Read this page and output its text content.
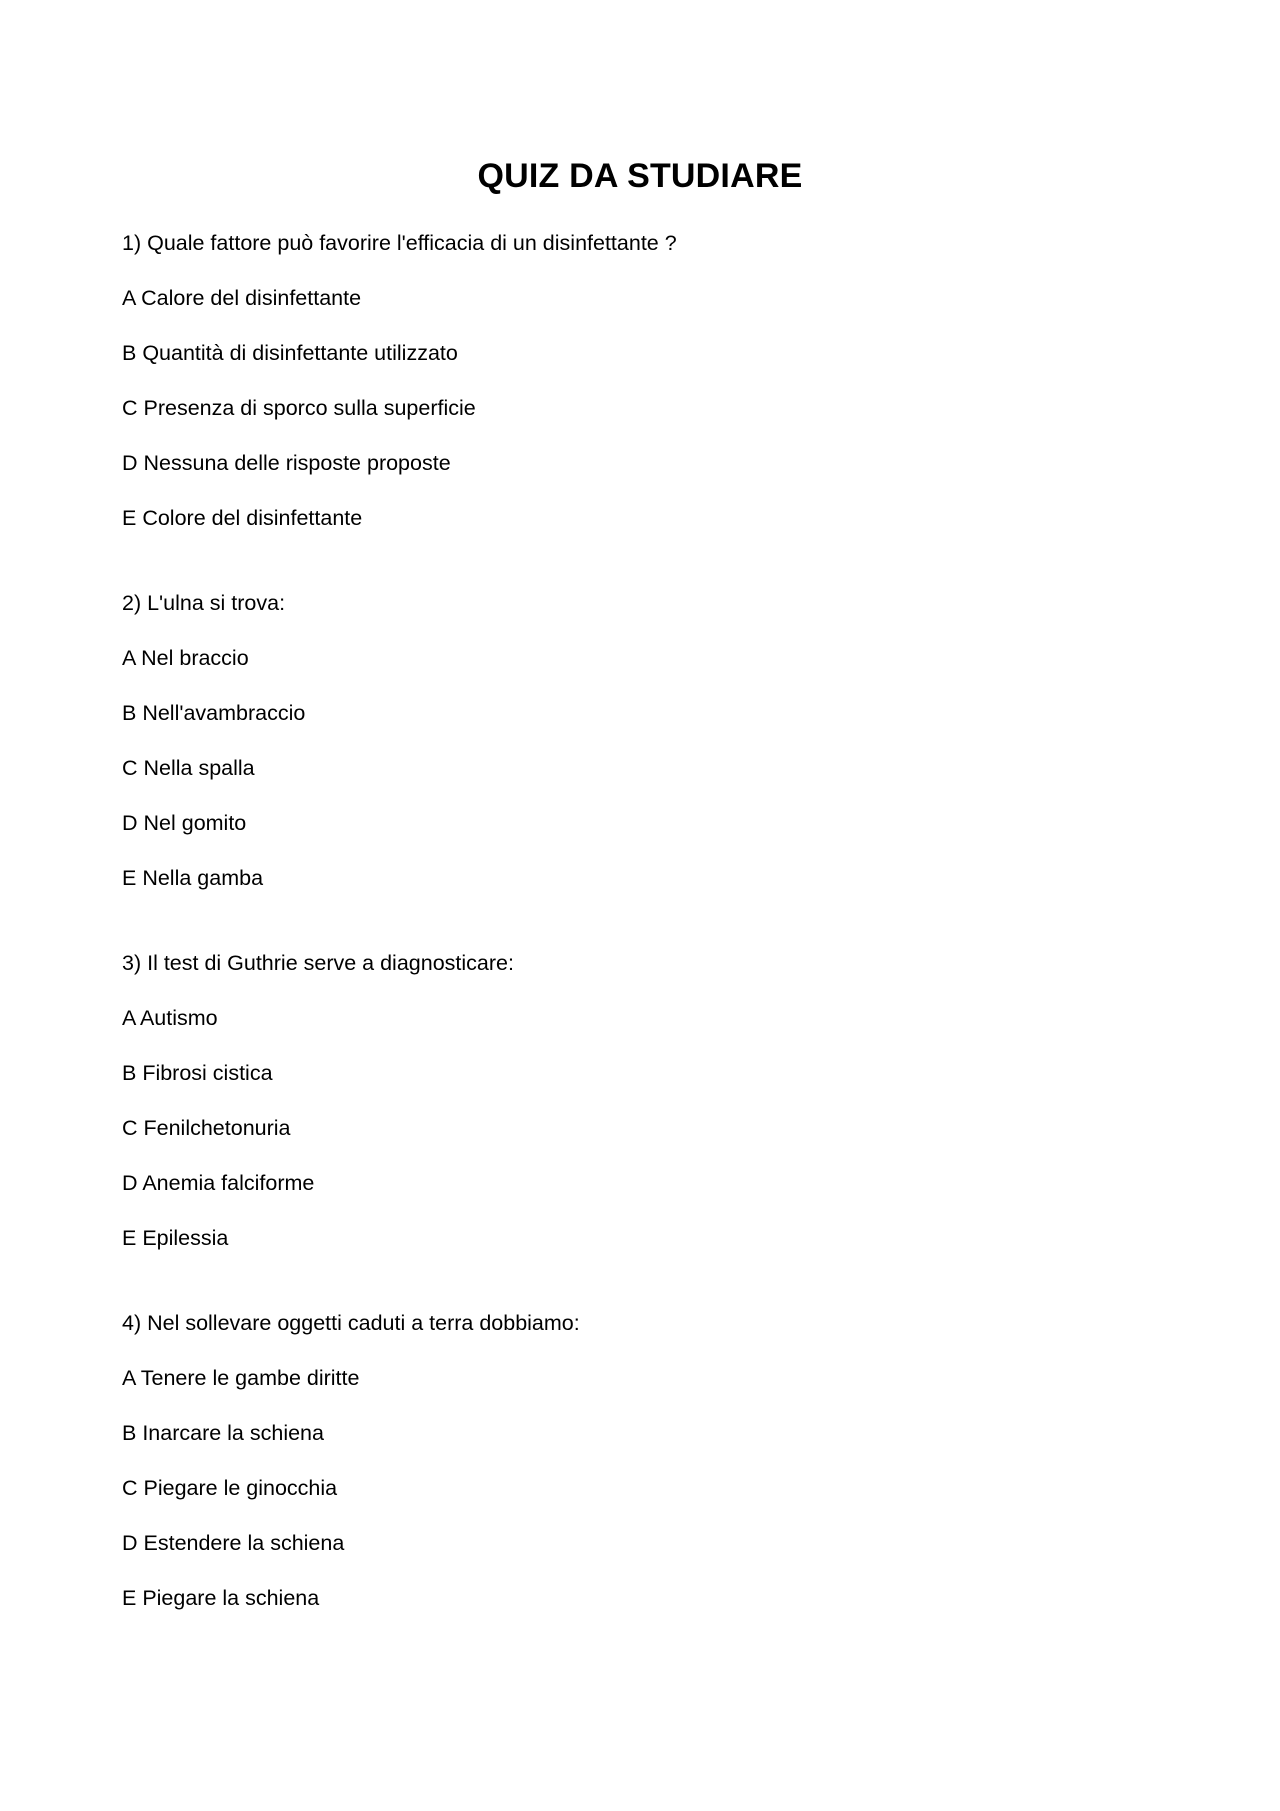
QUIZ DA STUDIARE
1) Quale fattore può favorire l'efficacia di un disinfettante ?
A Calore del disinfettante
B Quantità di disinfettante utilizzato
C Presenza di sporco sulla superficie
D Nessuna delle risposte proposte
E Colore del disinfettante
2) L'ulna si trova:
A Nel braccio
B Nell'avambraccio
C Nella spalla
D Nel gomito
E Nella gamba
3) Il test di Guthrie serve a diagnosticare:
A Autismo
B Fibrosi cistica
C Fenilchetonuria
D Anemia falciforme
E Epilessia
4) Nel sollevare oggetti caduti a terra dobbiamo:
A Tenere le gambe diritte
B Inarcare la schiena
C Piegare le ginocchia
D Estendere la schiena
E Piegare la schiena
